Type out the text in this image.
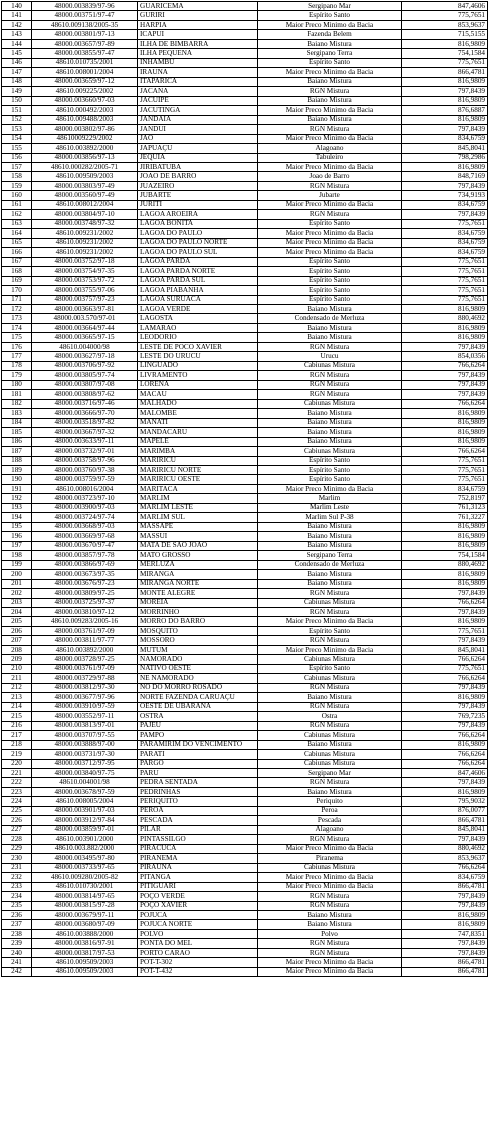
140	48000.003839/97-96	GUARICEMA	Sergipano Mar	847,4606
141	48000.003751/97-47	GURIRI	Espírito Santo	775,7651
142	48610.009138/2005-35	HARPIA	Maior Preco Minimo da Bacia	853,9637
143	48000.003801/97-13	ICAPUI	Fazenda Belem	715,5155
144	48000.003657/97-89	ILHA DE BIMBARRA	Baiano Mistura	816,9809
145	48000.003855/97-47	ILHA PEQUENA	Sergipano Terra	754,1584
146	48610.010735/2001	INHAMBU	Espírito Santo	775,7651
147	48610.008001/2004	IRAUNA	Maior Preco Minimo da Bacia	866,4781
148	48000.003659/97-12	ITAPARICA	Baiano Mistura	816,9809
149	48610.009225/2002	JACANA	RGN Mistura	797,8439
150	48000.003660/97-03	JACUIPE	Baiano Mistura	816,9809
151	48610.000492/2003	JACUTINGA	Maior Preco Minimo da Bacia	876,6887
152	48610.009488/2003	JANDAIA	Baiano Mistura	816,9809
153	48000.003802/97-86	JANDUI	RGN Mistura	797,8439
154	48610009229/2002	JAO	Maior Preco Minimo da Bacia	834,6759
155	48610.003892/2000	JAPUAÇU	Alagoano	845,8041
156	48000.003856/97-13	JEQUIA	Tabuleiro	798,2986
157	48610.000282/2005-71	JIRIBATUBA	Maior Preco Minimo da Bacia	816,9809
158	48610.009509/2003	JOAO DE BARRO	Joao de Barro	848,7169
159	48000.003803/97-49	JUAZEIRO	RGN Mistura	797,8439
160	48000.003560/97-49	JUBARTE	Jubarte	734,9193
161	48610.008012/2004	JURITI	Maior Preco Minimo da Bacia	834,6759
162	48000.003804/97-10	LAGOA AROEIRA	RGN Mistura	797,8439
163	48000.003748/97-32	LAGOA BONITA	Espírito Santo	775,7651
164	48610.009231/2002	LAGOA DO PAULO	Maior Preco Minimo da Bacia	834,6759
165	48610.009231/2002	LAGOA DO PAULO NORTE	Maior Preco Minimo da Bacia	834,6759
166	48610.009231/2002	LAGOA DO PAULO SUL	Maior Preco Minimo da Bacia	834,6759
167	48000.003752/97-18	LAGOA PARDA	Espírito Santo	775,7651
168	48000.003754/97-35	LAGOA PARDA NORTE	Espírito Santo	775,7651
169	48000.003753/97-72	LAGOA PARDA SUL	Espírito Santo	775,7651
170	48000.003755/97-06	LAGOA PIABANHA	Espírito Santo	775,7651
171	48000.003757/97-23	LAGOA SURUACA	Espírito Santo	775,7651
172	48000.003663/97-81	LAGOA VERDE	Baiano Mistura	816,9809
173	48000.003.570/97-01	LAGOSTA	Condensado de Merluza	880,4692
174	48000.003664/97-44	LAMARAO	Baiano Mistura	816,9809
175	48000.003665/97-15	LEODORIO	Baiano Mistura	816,9809
176	48610.004000/98	LESTE DE POCO XAVIER	RGN Mistura	797,8439
177	48000.003627/97-18	LESTE DO URUCU	Urucu	854,0356
178	48000.003706/97-92	LINGUADO	Cabiunas Mistura	766,6264
179	48000.003805/97-74	LIVRAMENTO	RGN Mistura	797,8439
180	48000.003807/97-08	LORENA	RGN Mistura	797,8439
181	48000.003808/97-62	MACAU	RGN Mistura	797,8439
182	48000.003716/97-46	MALHADO	Cabiunas Mistura	766,6264
183	48000.003666/97-70	MALOMBE	Baiano Mistura	816,9809
184	48000.003518/97-82	MANATI	Baiano Mistura	816,9809
185	48000.003667/97-32	MANDACARU	Baiano Mistura	816,9809
186	48000.003633/97-11	MAPELE	Baiano Mistura	816,9809
187	48000.003732/97-01	MARIMBA	Cabiunas Mistura	766,6264
188	48000.003758/97-96	MARIRICU	Espírito Santo	775,7651
189	48000.003760/97-38	MARIRICU NORTE	Espírito Santo	775,7651
190	48000.003759/97-59	MARIRICU OESTE	Espírito Santo	775,7651
191	48610.008016/2004	MARITACA	Maior Preco Minimo da Bacia	834,6759
192	48000.003723/97-10	MARLIM	Marlim	752,8197
193	48000.003900/97-03	MARLIM LESTE	Marlim Leste	761,3123
194	48000.003724/97-74	MARLIM SUL	Marlim Sul P-38	761,3227
195	48000.003668/97-03	MASSAPE	Baiano Mistura	816,9809
196	48000.003669/97-68	MASSUI	Baiano Mistura	816,9809
197	48000.003670/97-47	MATA DE SAO JOAO	Baiano Mistura	816,9809
198	48000.003857/97-78	MATO GROSSO	Sergipano Terra	754,1584
199	48000.003866/97-69	MERLUZA	Condensado de Merluza	880,4692
200	48000.003673/97-35	MIRANGA	Baiano Mistura	816,9809
201	48000.003676/97-23	MIRANGA NORTE	Baiano Mistura	816,9809
202	48000.003809/97-25	MONTE ALEGRE	RGN Mistura	797,8439
203	48000.003725/97-37	MOREIA	Cabiunas Mistura	766,6264
204	48000.003810/97-12	MORRINHO	RGN Mistura	797,8439
205	48610.009283/2005-16	MORRO DO BARRO	Maior Preco Minimo da Bacia	816,9809
206	48000.003761/97-09	MOSQUITO	Espírito Santo	775,7651
207	48000.003811/97-77	MOSSORO	RGN Mistura	797,8439
208	48610.003892/2000	MUTUM	Maior Preco Minimo da Bacia	845,8041
209	48000.003728/97-25	NAMORADO	Cabiunas Mistura	766,6264
210	48000.003761/97-09	NATIVO OESTE	Espírito Santo	775,7651
211	48000.003729/97-88	NE NAMORADO	Cabiunas Mistura	766,6264
212	48000.003812/97-30	NO DO MORRO ROSADO	RGN Mistura	797,8439
213	48000.003677/97-96	NORTE FAZENDA CARUAÇU	Baiano Mistura	816,9809
214	48000.003910/97-59	OESTE DE UBARANA	RGN Mistura	797,8439
215	48000.003552/97-11	OSTRA	Ostra	769,7235
216	48000.003813/97-01	PAJEU	RGN Mistura	797,8439
217	48000.003707/97-55	PAMPO	Cabiunas Mistura	766,6264
218	48000.003888/97-00	PARAMIRIM DO VENCIMENTO	Baiano Mistura	816,9809
219	48000.003731/97-30	PARATI	Cabiunas Mistura	766,6264
220	48000.003712/97-95	PARGO	Cabiunas Mistura	766,6264
221	48000.003840/97-75	PARU	Sergipano Mar	847,4606
222	48610.004001/98	PEDRA SENTADA	RGN Mistura	797,8439
223	48000.003678/97-59	PEDRINHAS	Baiano Mistura	816,9809
224	48610.008005/2004	PERIQUITO	Periquito	795,9032
225	48000.003901/97-03	PEROA	Peroa	876,0077
226	48000.003912/97-84	PESCADA	Pescada	866,4781
227	48000.003859/97-01	PILAR	Alagoano	845,8041
228	48610.003901/2000	PINTASSILGO	RGN Mistura	797,8439
229	48610.003.882/2000	PIRACUCA	Maior Preco Minimo da Bacia	880,4692
230	48000.003495/97-80	PIRANEMA	Piranema	853,9637
231	48000.003733/97-65	PIRAUNA	Cabiunas Mistura	766,6264
232	48610.009280/2005-82	PITANGA	Maior Preco Minimo da Bacia	834,6759
233	48610.010730/2001	PITIGUARI	Maior Preco Minimo da Bacia	866,4781
234	48000.003814/97-65	POÇO VERDE	RGN Mistura	797,8439
235	48000.003815/97-28	POÇO XAVIER	RGN Mistura	797,8439
236	48000.003679/97-11	POJUCA	Baiano Mistura	816,9809
237	48000.003680/97-09	POJUCA NORTE	Baiano Mistura	816,9809
238	48610.003888/2000	POLVO	Polvo	747,8351
239	48000.003816/97-91	PONTA DO MEL	RGN Mistura	797,8439
240	48000.003817/97-53	PORTO CARAO	RGN Mistura	797,8439
241	48610.009509/2003	POT-T-302	Maior Preco Minimo da Bacia	866,4781
242	48610.009509/2003	POT-T-432	Maior Preco Minimo da Bacia	866,4781
